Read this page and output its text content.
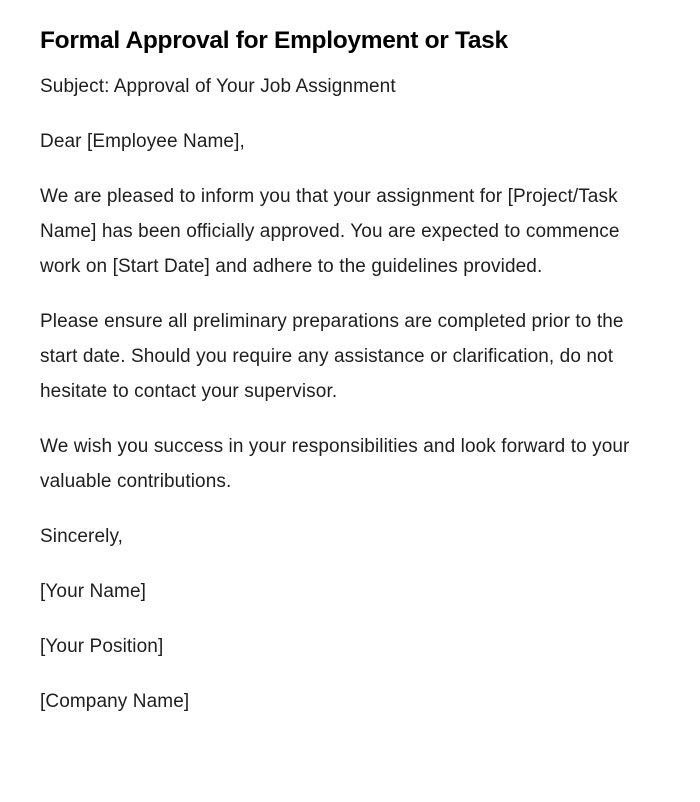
Formal Approval for Employment or Task

Subject: Approval of Your Job Assignment

Dear [Employee Name],

We are pleased to inform you that your assignment for [Project/Task Name] has been officially approved. You are expected to commence work on [Start Date] and adhere to the guidelines provided.

Please ensure all preliminary preparations are completed prior to the start date. Should you require any assistance or clarification, do not hesitate to contact your supervisor.

We wish you success in your responsibilities and look forward to your valuable contributions.

Sincerely,

[Your Name]

[Your Position]

[Company Name]
